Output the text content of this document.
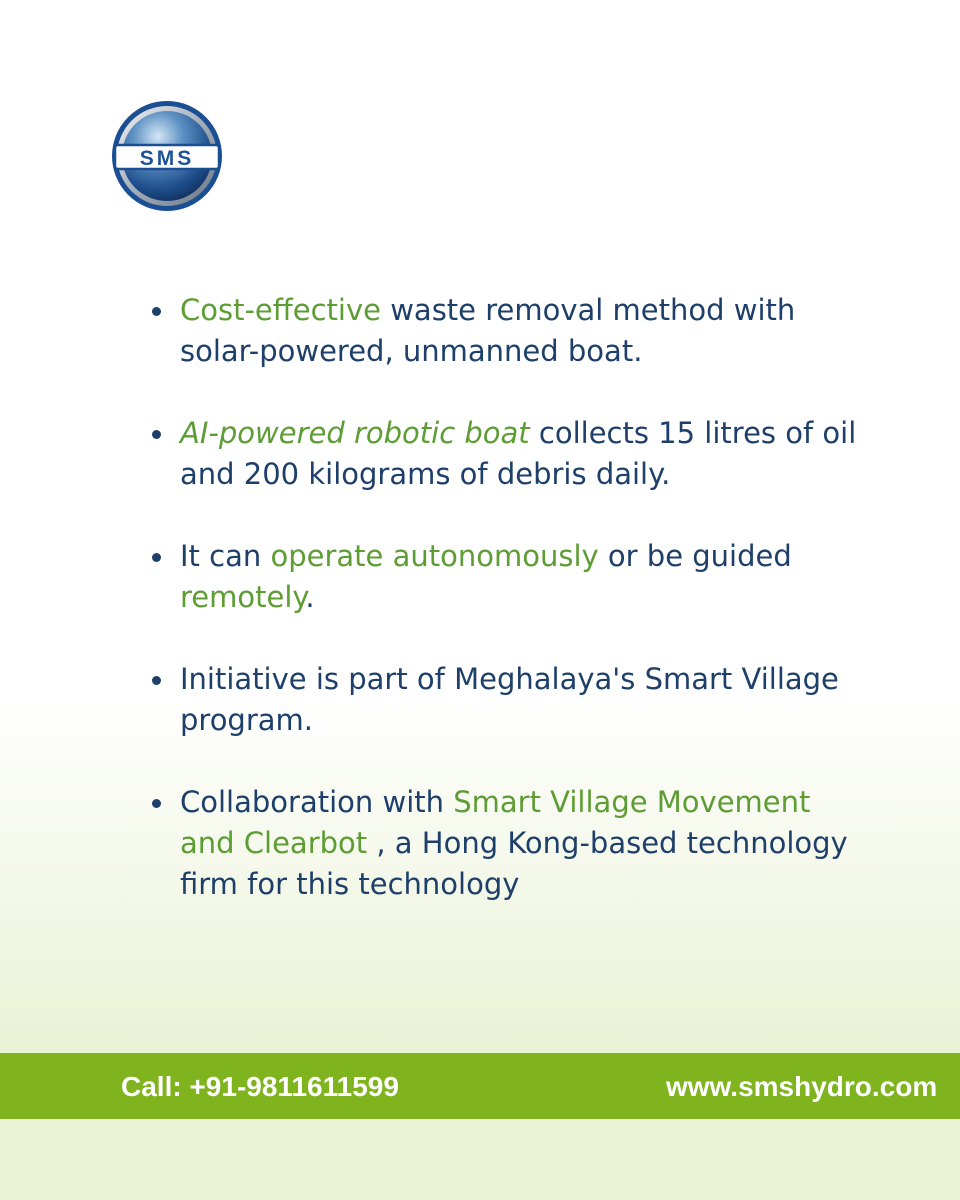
SMS
Cost-effective waste removal method with solar-powered, unmanned boat.
AI-powered robotic boat collects 15 litres of oil and 200 kilograms of debris daily.
It can operate autonomously or be guided remotely.
Initiative is part of Meghalaya's Smart Village program.
Collaboration with Smart Village Movement and Clearbot , a Hong Kong-based technology firm for this technology
Call: +91-9811611599	www.smshydro.com
